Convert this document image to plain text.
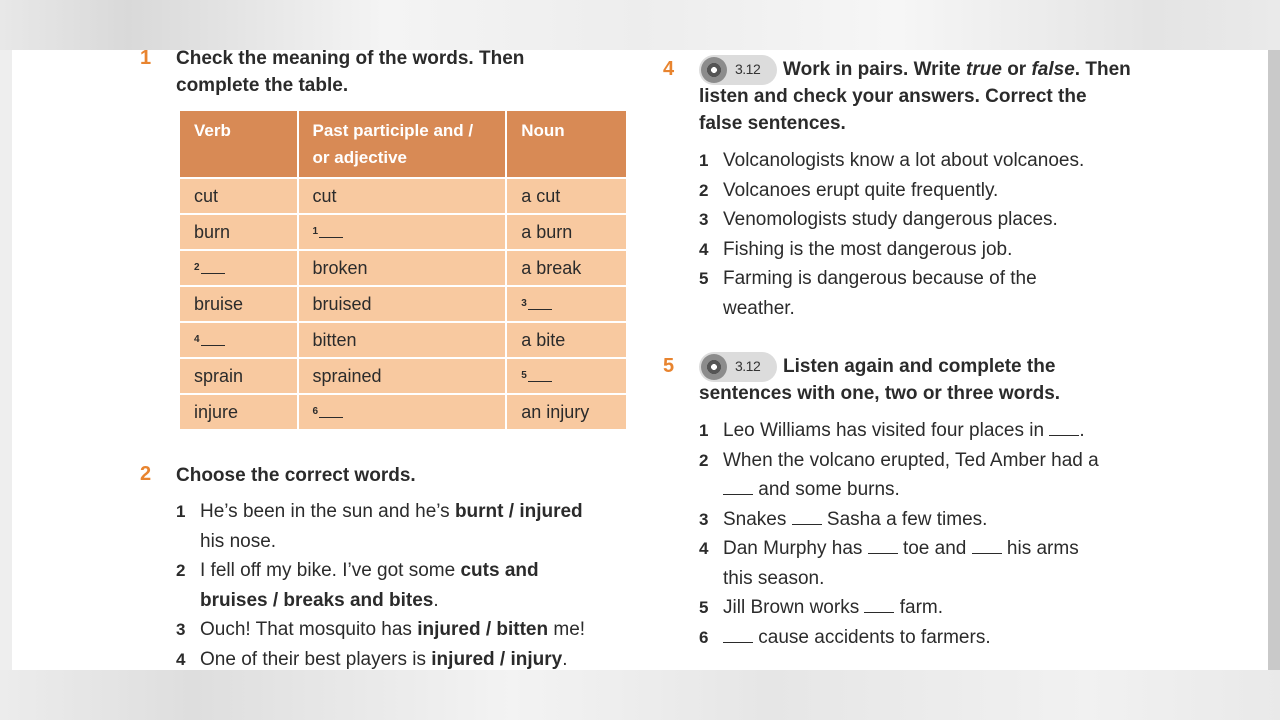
1 Check the meaning of the words. Then
complete the table.
Verb	Past participle and /
or adjective	Noun
cut	cut	a cut
burn	$^1$	a burn
$^2$	broken	a break
bruise	bruised	$^3$
$^4$	bitten	a bite
sprain	sprained	$^5$
injure	$^6$	an injury
2 Choose the correct words.
1 He’s been in the sun and he’s burnt / injured
his nose.
2 I fell off my bike. I’ve got some cuts and
bruises / breaks and bites.
3 Ouch! That mosquito has injured / bitten me!
4 One of their best players is injured / injury.
4	3.12	Work in pairs. Write true or false. Then
listen and check your answers. Correct the
false sentences.
1 Volcanologists know a lot about volcanoes.
2 Volcanoes erupt quite frequently.
3 Venomologists study dangerous places.
4 Fishing is the most dangerous job.
5 Farming is dangerous because of the
weather.
5	3.12	Listen again and complete the
sentences with one, two or three words.
1 Leo Williams has visited four places in .
2 When the volcano erupted, Ted Amber had a
and some burns.
3 Snakes  Sasha a few times.
4 Dan Murphy has  toe and  his arms
this season.
5 Jill Brown works  farm.
6	cause accidents to farmers.
